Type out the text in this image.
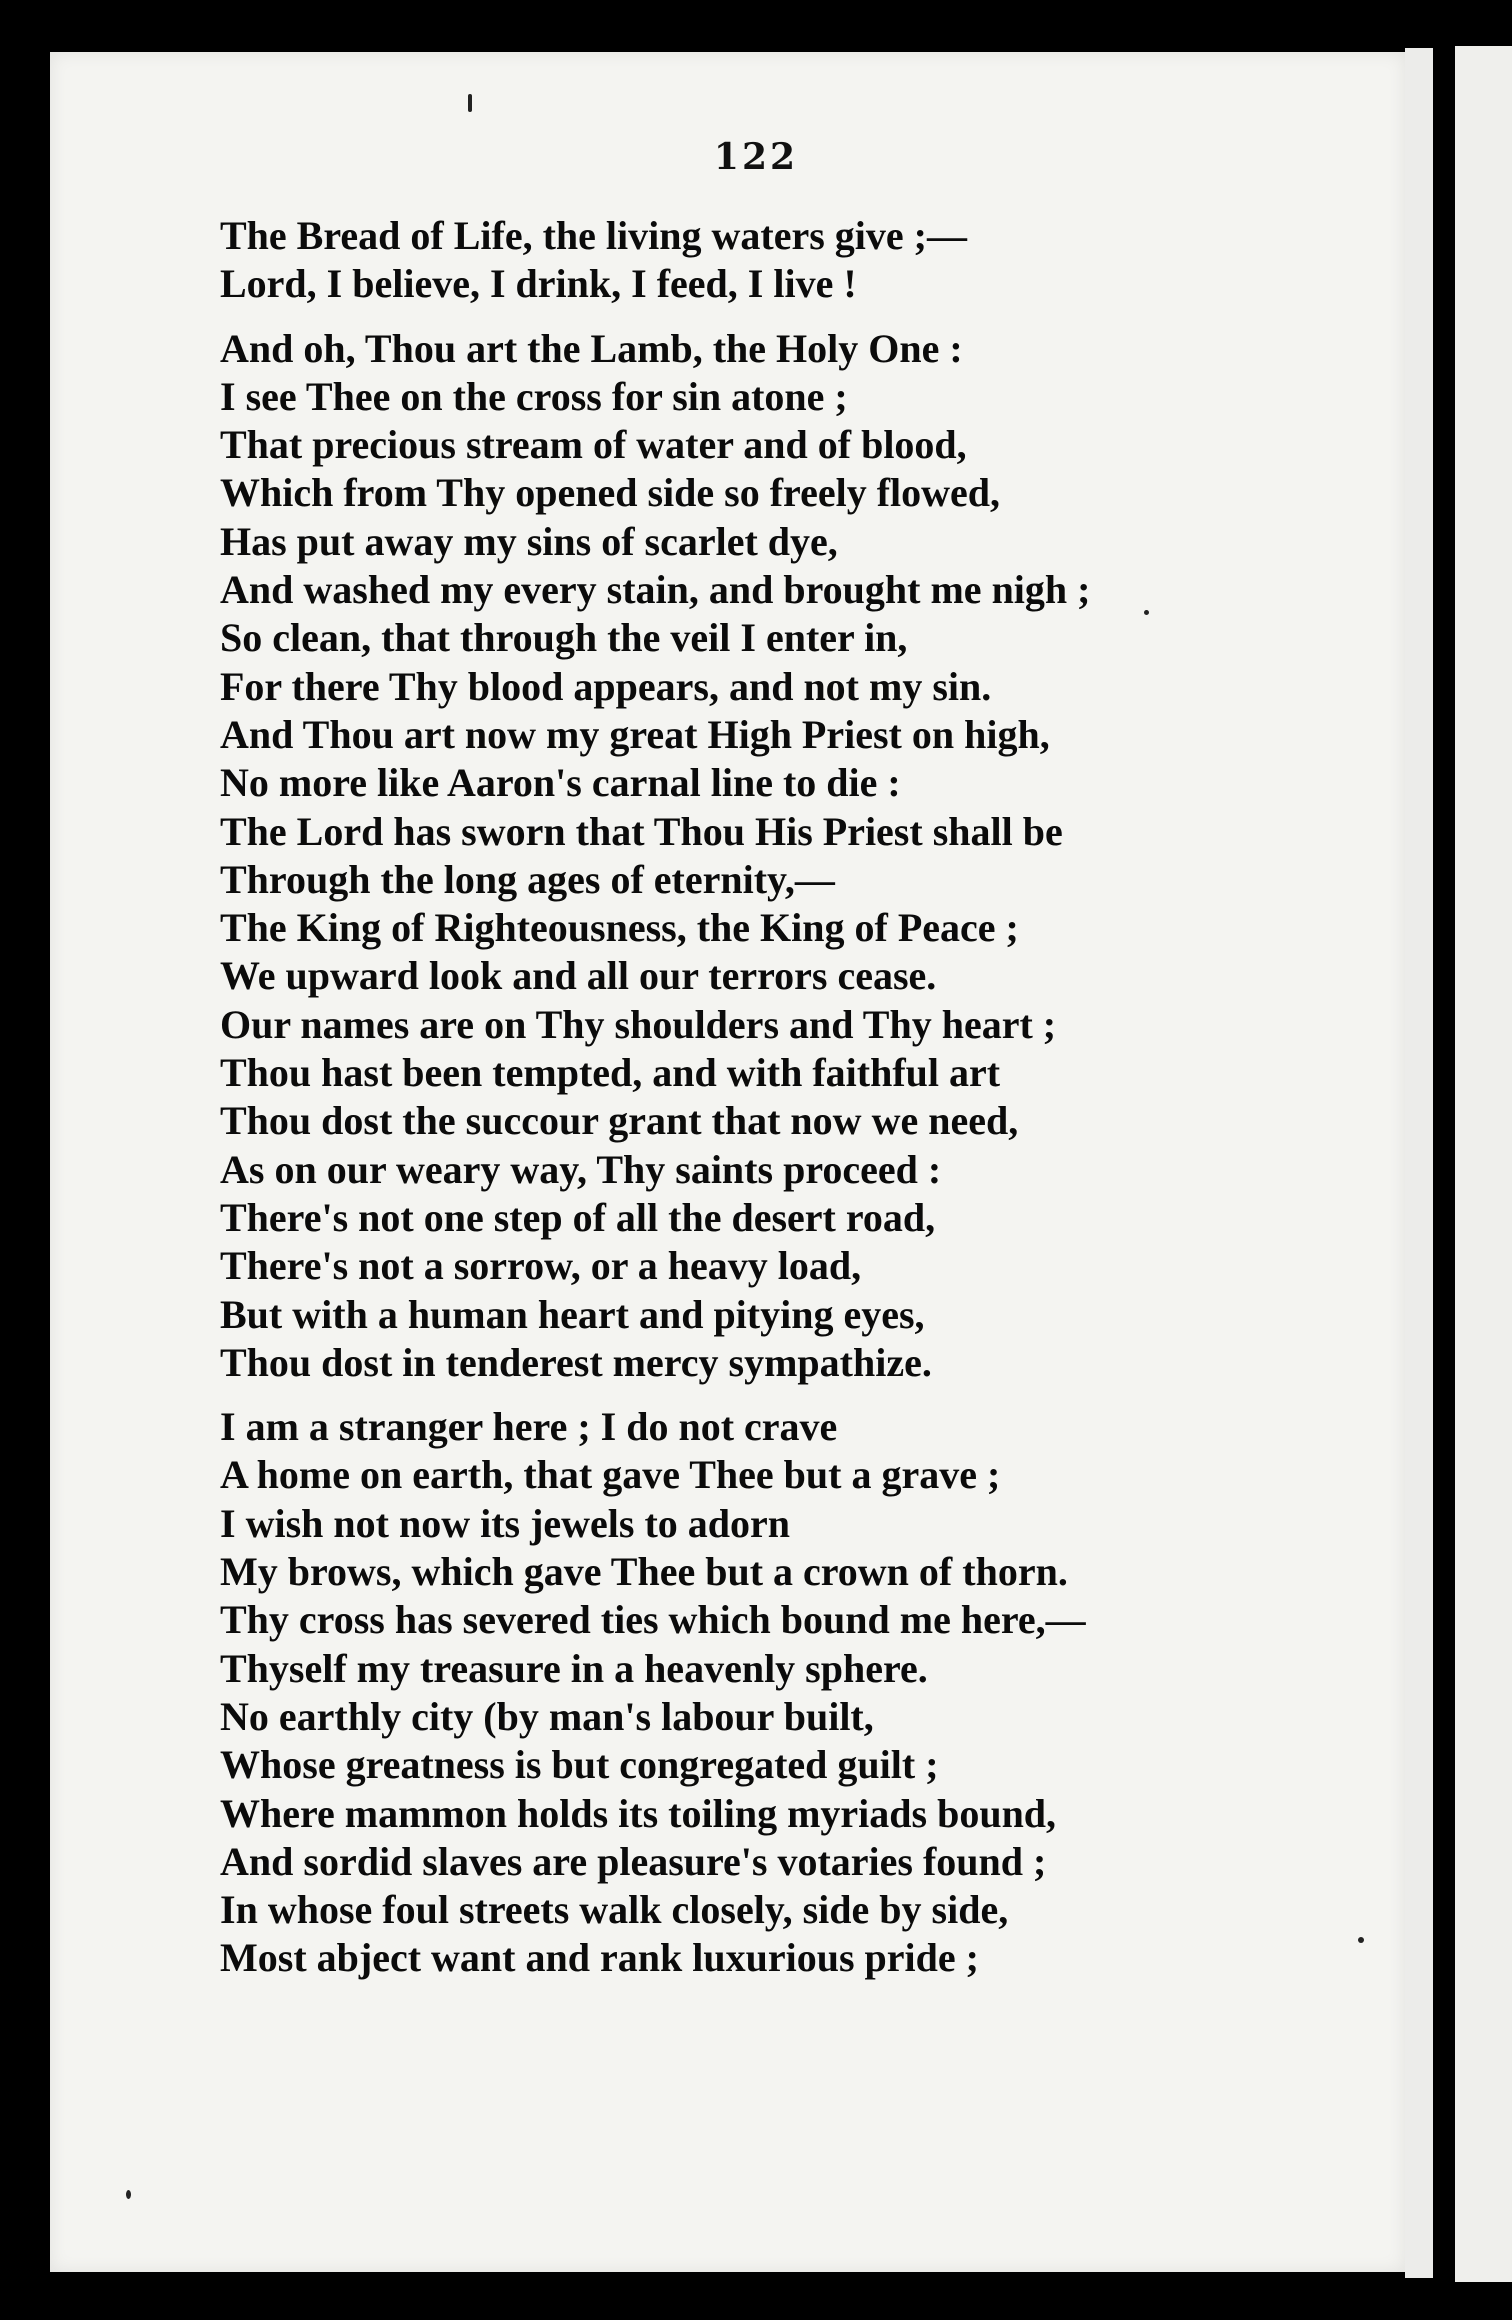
122
The Bread of Life, the living waters give ;—
Lord, I believe, I drink, I feed, I live !
And oh, Thou art the Lamb, the Holy One :
I see Thee on the cross for sin atone ;
That precious stream of water and of blood,
Which from Thy opened side so freely flowed,
Has put away my sins of scarlet dye,
And washed my every stain, and brought me nigh ;
So clean, that through the veil I enter in,
For there Thy blood appears, and not my sin.
And Thou art now my great High Priest on high,
No more like Aaron's carnal line to die :
The Lord has sworn that Thou His Priest shall be
Through the long ages of eternity,—
The King of Righteousness, the King of Peace ;
We upward look and all our terrors cease.
Our names are on Thy shoulders and Thy heart ;
Thou hast been tempted, and with faithful art
Thou dost the succour grant that now we need,
As on our weary way, Thy saints proceed :
There's not one step of all the desert road,
There's not a sorrow, or a heavy load,
But with a human heart and pitying eyes,
Thou dost in tenderest mercy sympathize.
I am a stranger here ; I do not crave
A home on earth, that gave Thee but a grave ;
I wish not now its jewels to adorn
My brows, which gave Thee but a crown of thorn.
Thy cross has severed ties which bound me here,—
Thyself my treasure in a heavenly sphere.
No earthly city (by man's labour built,
Whose greatness is but congregated guilt ;
Where mammon holds its toiling myriads bound,
And sordid slaves are pleasure's votaries found ;
In whose foul streets walk closely, side by side,
Most abject want and rank luxurious pride ;
